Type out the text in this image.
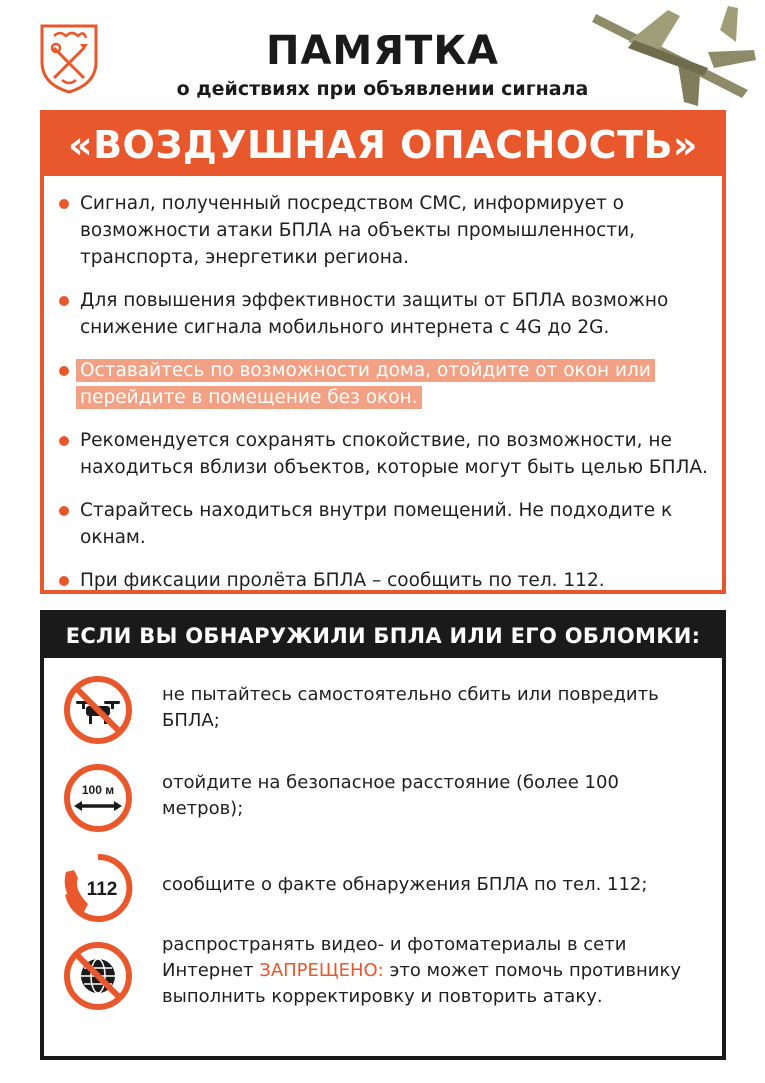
ПАМЯТКА
о действиях при объявлении сигнала
«ВОЗДУШНАЯ ОПАСНОСТЬ»
Сигнал, полученный посредством СМС, информирует о возможности атаки БПЛА на объекты промышленности, транспорта, энергетики региона.
Для повышения эффективности защиты от БПЛА возможно снижение сигнала мобильного интернета с 4G до 2G.
Оставайтесь по возможности дома, отойдите от окон или перейдите в помещение без окон.
Рекомендуется сохранять спокойствие, по возможности, не находиться вблизи объектов, которые могут быть целью БПЛА.
Старайтесь находиться внутри помещений. Не подходите к окнам.
При фиксации пролёта БПЛА – сообщить по тел. 112.
ЕСЛИ ВЫ ОБНАРУЖИЛИ БПЛА ИЛИ ЕГО ОБЛОМКИ:
не пытайтесь самостоятельно сбить или повредить БПЛА;
100 м	отойдите на безопасное расстояние (более 100 метров);
112 сообщите о факте обнаружения БПЛА по тел. 112;
распространять видео- и фотоматериалы в сети Интернет ЗАПРЕЩЕНО: это может помочь противнику выполнить корректировку и повторить атаку.
